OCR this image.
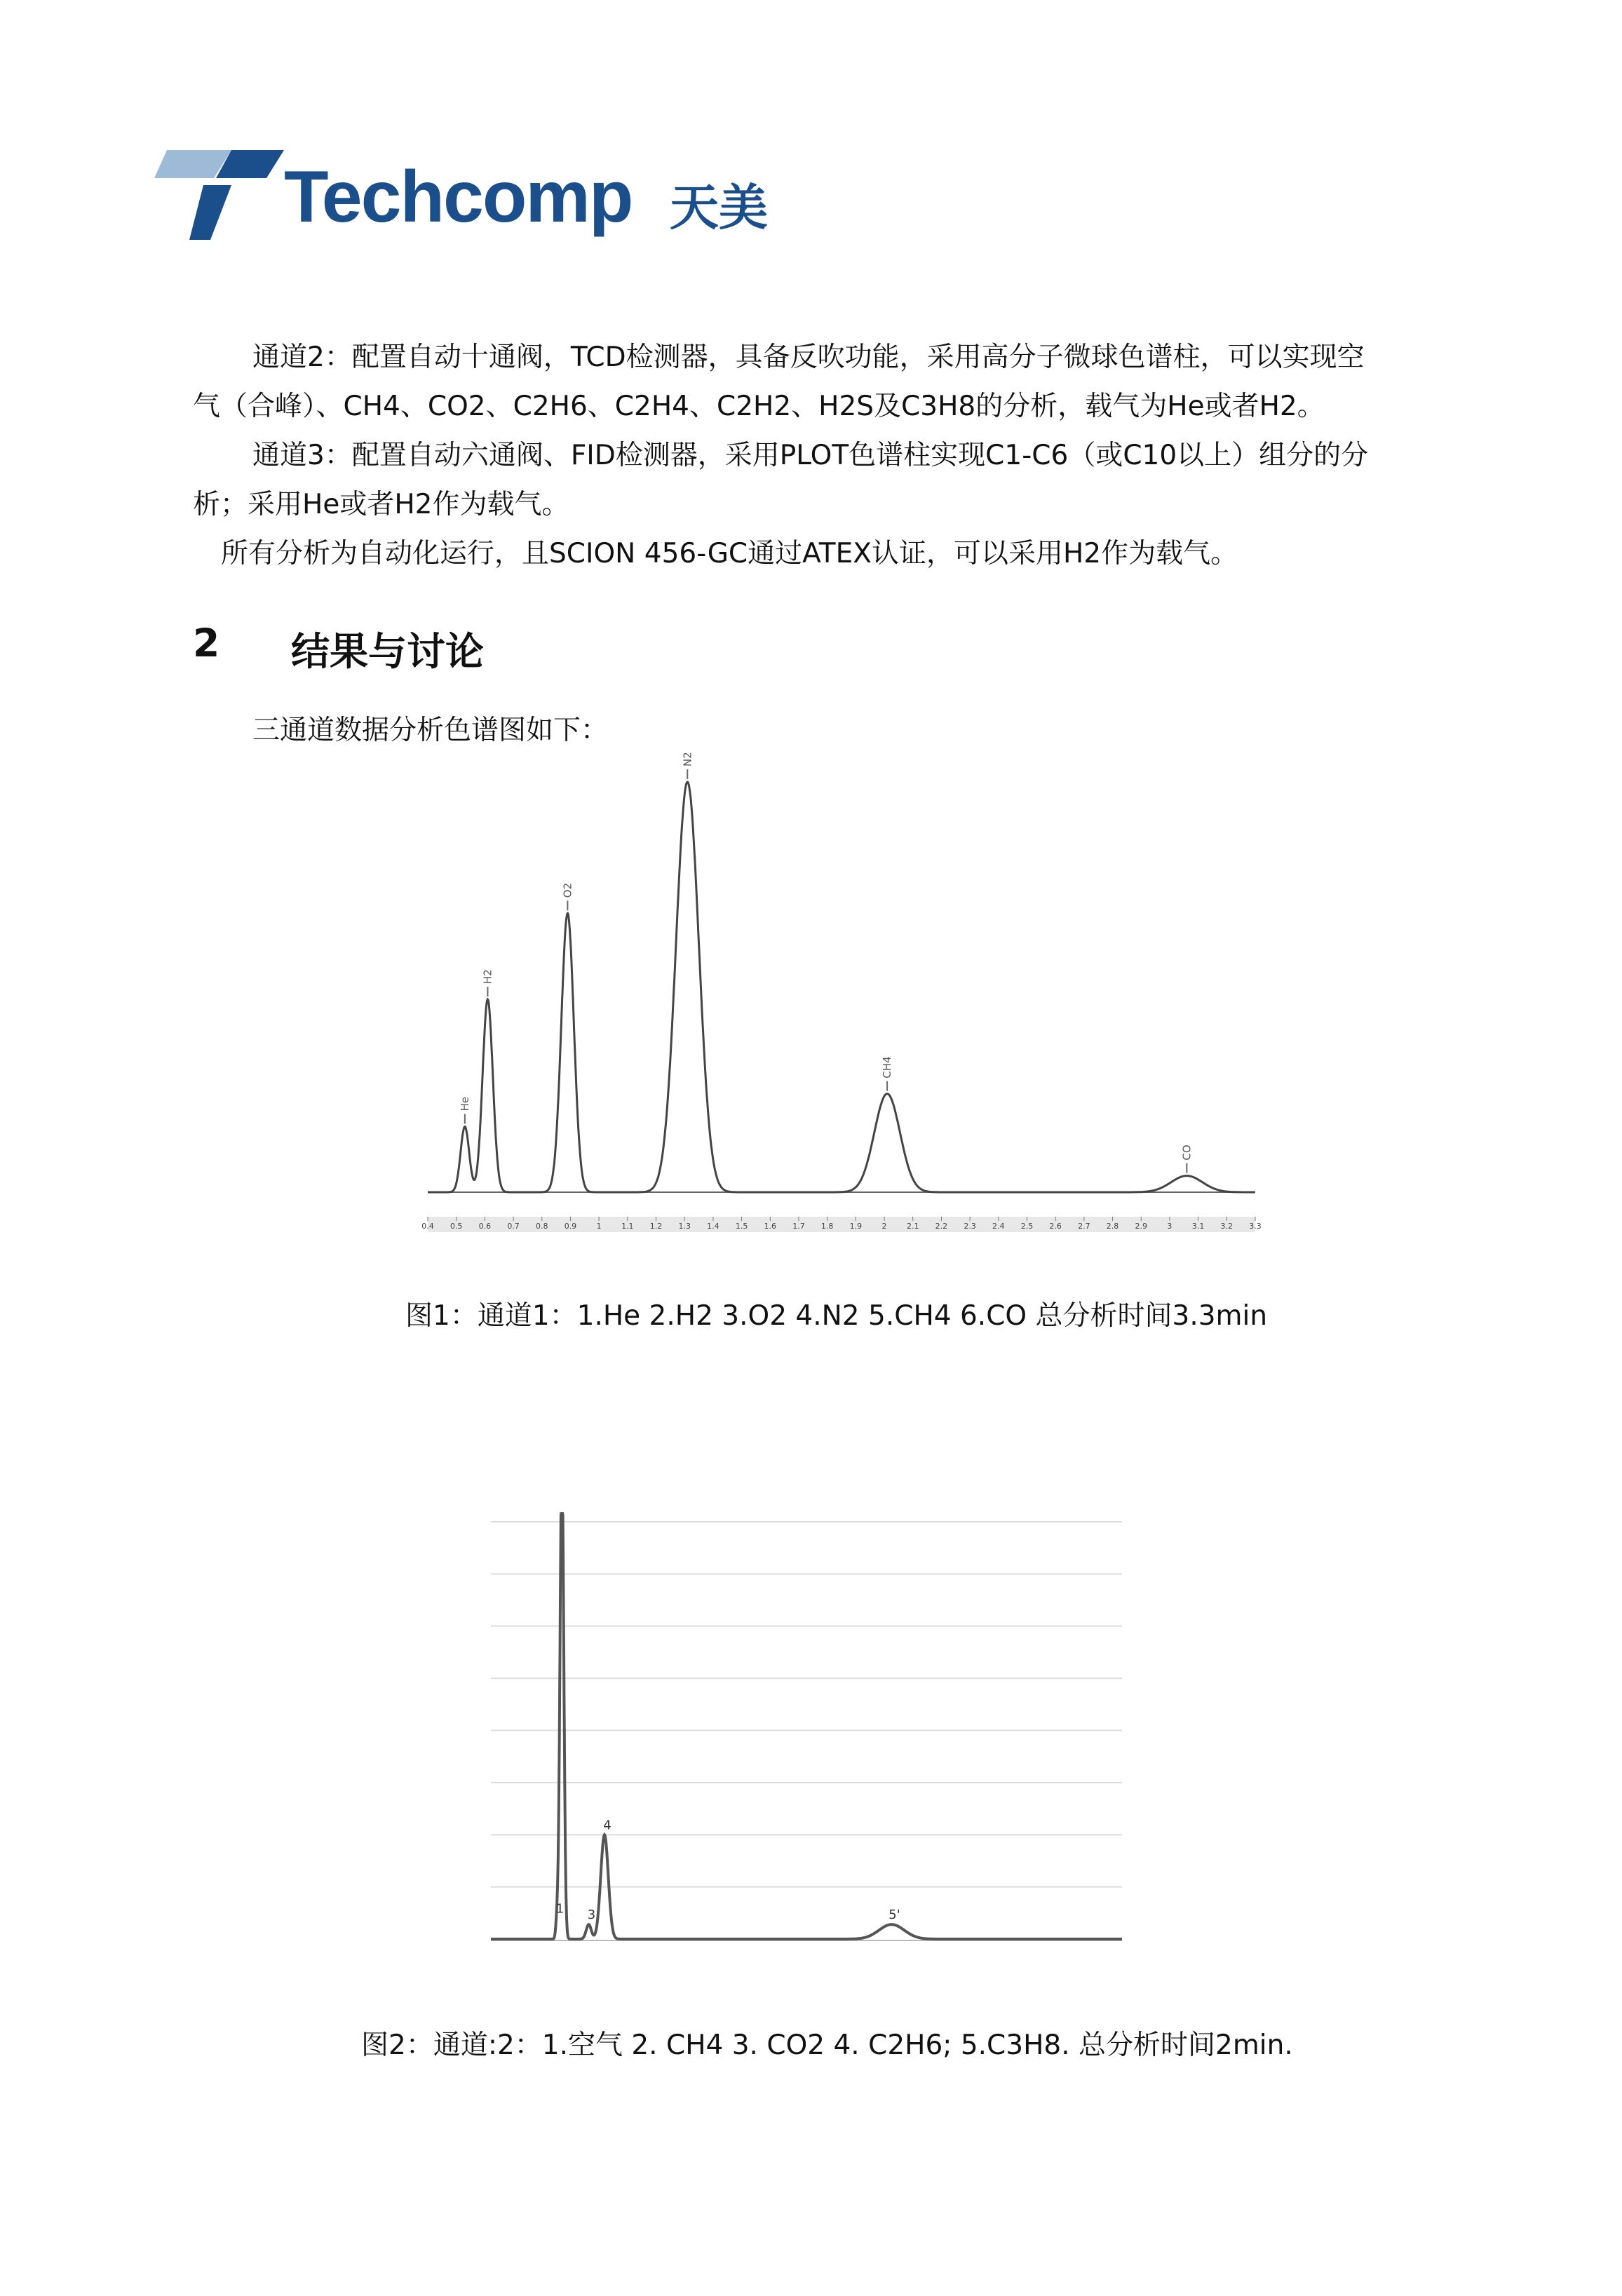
Techcomp 天美

通道2：配置自动十通阀，TCD检测器，具备反吹功能，采用高分子微球色谱柱，可以实现空

气（合峰）、CH4、CO2、C2H6、C2H4、C2H2、H2S及C3H8的分析，载气为He或者H2。

通道3：配置自动六通阀、FID检测器，采用PLOT色谱柱实现C1-C6（或C10以上）组分的分

析；采用He或者H2作为载气。

所有分析为自动化运行，且SCION 456-GC通过ATEX认证，可以采用H2作为载气。

2 结果与讨论
三通道数据分析色谱图如下：
He
H2
O2
N2
CH4
CO
0.4 0.5 0.6 0.7 0.8 0.9	1	1.1 1.2 1.3 1.4 1.5 1.6 1.7 1.8 1.9	2	2.1 2.2 2.3 2.4 2.5 2.6 2.7 2.8 2.9	3	3.1 3.2 3.3
图1：通道1：1.He 2.H2 3.O2 4.N2 5.CH4 6.CO 总分析时间3.3min
1 3
4
5'
图2：通道:2：1.空气 2. CH4 3. CO2 4. C2H6; 5.C3H8. 总分析时间2min.
